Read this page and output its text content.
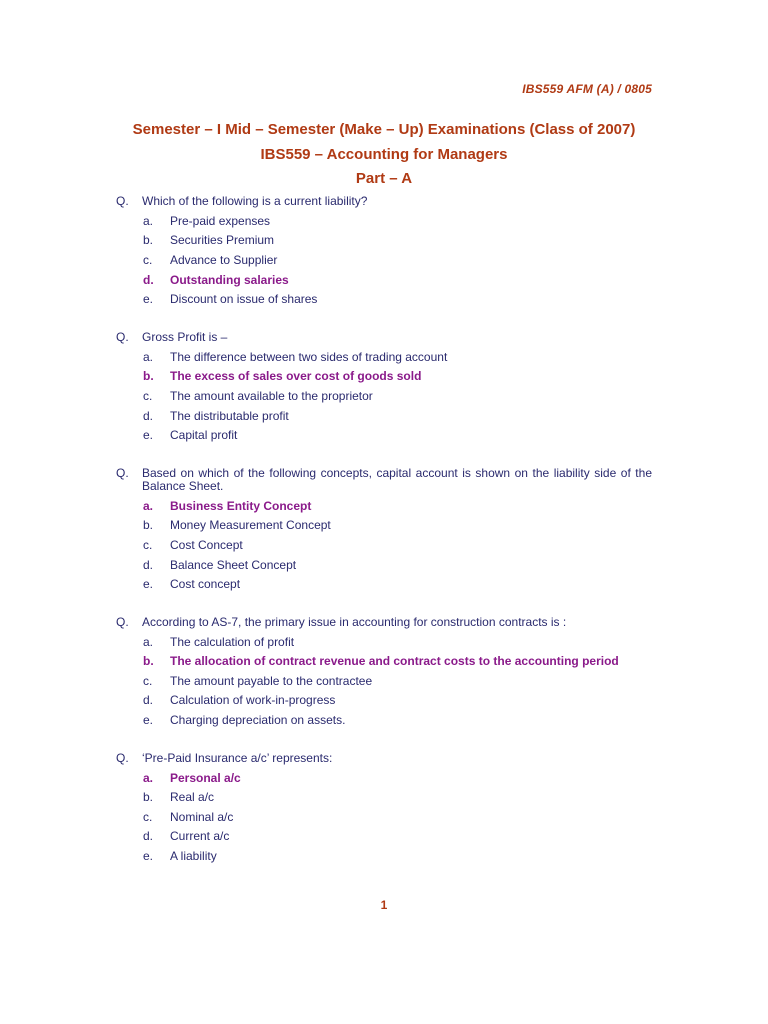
IBS559 AFM (A) / 0805
Semester – I Mid – Semester (Make – Up) Examinations (Class of 2007)
IBS559 – Accounting for Managers
Part – A
Q.	Which of the following is a current liability?
a.	Pre-paid expenses
b.	Securities Premium
c.	Advance to Supplier
d.	Outstanding salaries
e.	Discount on issue of shares
Q.	Gross Profit is –
a.	The difference between two sides of trading account
b.	The excess of sales over cost of goods sold
c.	The amount available to the proprietor
d.	The distributable profit
e.	Capital profit
Q.	Based on which of the following concepts, capital account is shown on the liability side of the Balance Sheet.
a.	Business Entity Concept
b.	Money Measurement Concept
c.	Cost Concept
d.	Balance Sheet Concept
e.	Cost concept
Q.	According to AS-7, the primary issue in accounting for construction contracts is :
a.	The calculation of profit
b.	The allocation of contract revenue and contract costs to the accounting period
c.	The amount payable to the contractee
d.	Calculation of work-in-progress
e.	Charging depreciation on assets.
Q.	‘Pre-Paid Insurance a/c’ represents:
a.	Personal a/c
b.	Real a/c
c.	Nominal a/c
d.	Current a/c
e.	A liability
1
